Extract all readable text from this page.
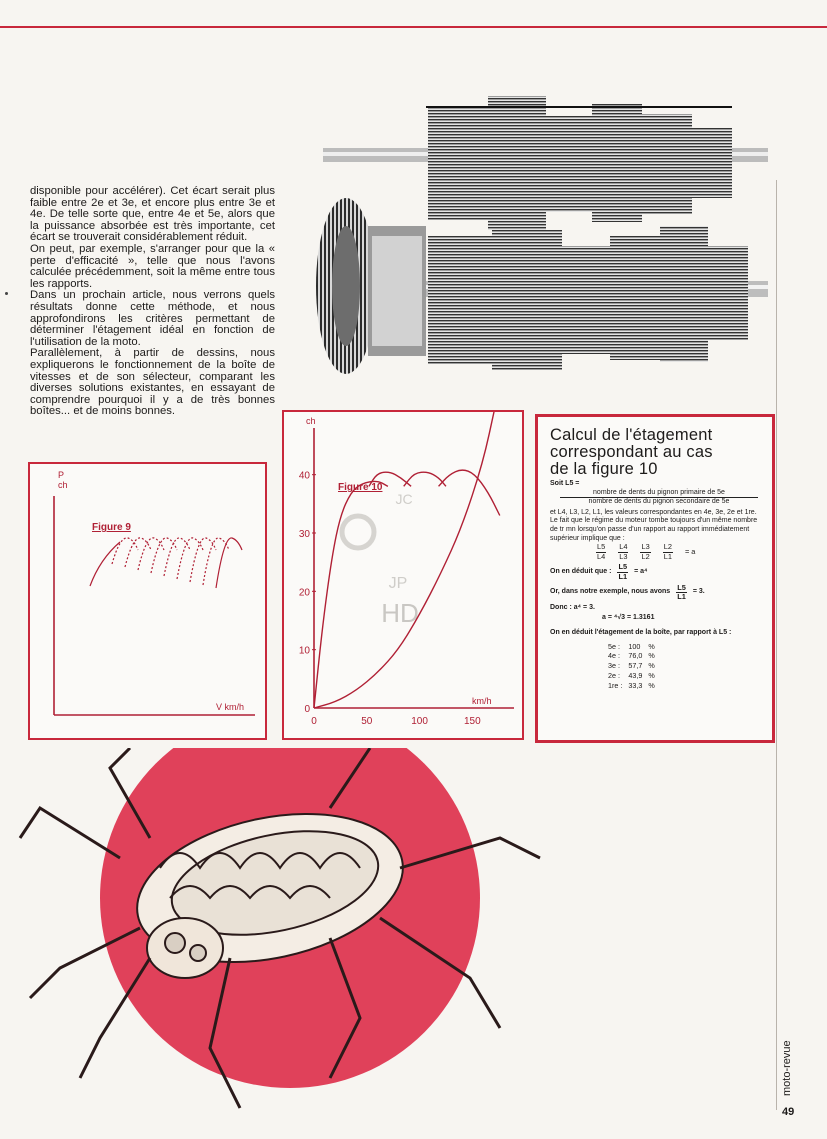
disponible pour accélérer). Cet écart serait plus faible entre 2e et 3e, et encore plus entre 3e et 4e. De telle sorte que, entre 4e et 5e, alors que la puissance absorbée est très importante, cet écart se trouverait considérablement réduit.

On peut, par exemple, s'arranger pour que la « perte d'efficacité », telle que nous l'avons calculée précédemment, soit la même entre tous les rapports.

Dans un prochain article, nous verrons quels résultats donne cette méthode, et nous approfondirons les critères permettant de déterminer l'étagement idéal en fonction de l'utilisation de la moto.

Parallèlement, à partir de dessins, nous expliquerons le fonctionnement de la boîte de vitesses et de son sélecteur, comparant les diverses solutions existantes, en essayant de comprendre pourquoi il y a de très bonnes boîtes... et de moins bonnes.

P
ch
Figure 9
V km/h
HD
JP
JC
ch
km/h
Figure 10
0	50	100	150
0
10
20
30
40
Calcul de l'étagement
correspondant au cas
de la figure 10
Soit L5 =
nombre de dents du pignon primaire de 5e
nombre de dents du pignon secondaire de 5e
et L4, L3, L2, L1, les valeurs correspondantes en 4e, 3e, 2e et 1re.
Le fait que le régime du moteur tombe toujours d'un même nombre de tr mn lorsqu'on passe d'un rapport au rapport immédiatement supérieur implique que :
L5
L4
L4
L3
L3
$L2 \frac{L2}{L1} = a$
On en déduit que :
L5
L1
= a⁴
Or, dans notre exemple, nous avons
L5
L1
= 3.
Donc : a⁴ = 3.
a = ⁴√3 = 1.3161
On en déduit l'étagement de la boîte, par rapport à L5 :
5e :	100	%
4e :	76,0	%
3e :	57,7	%
2e :	43,9	%
1re :	33,3	%
moto-revue
49
